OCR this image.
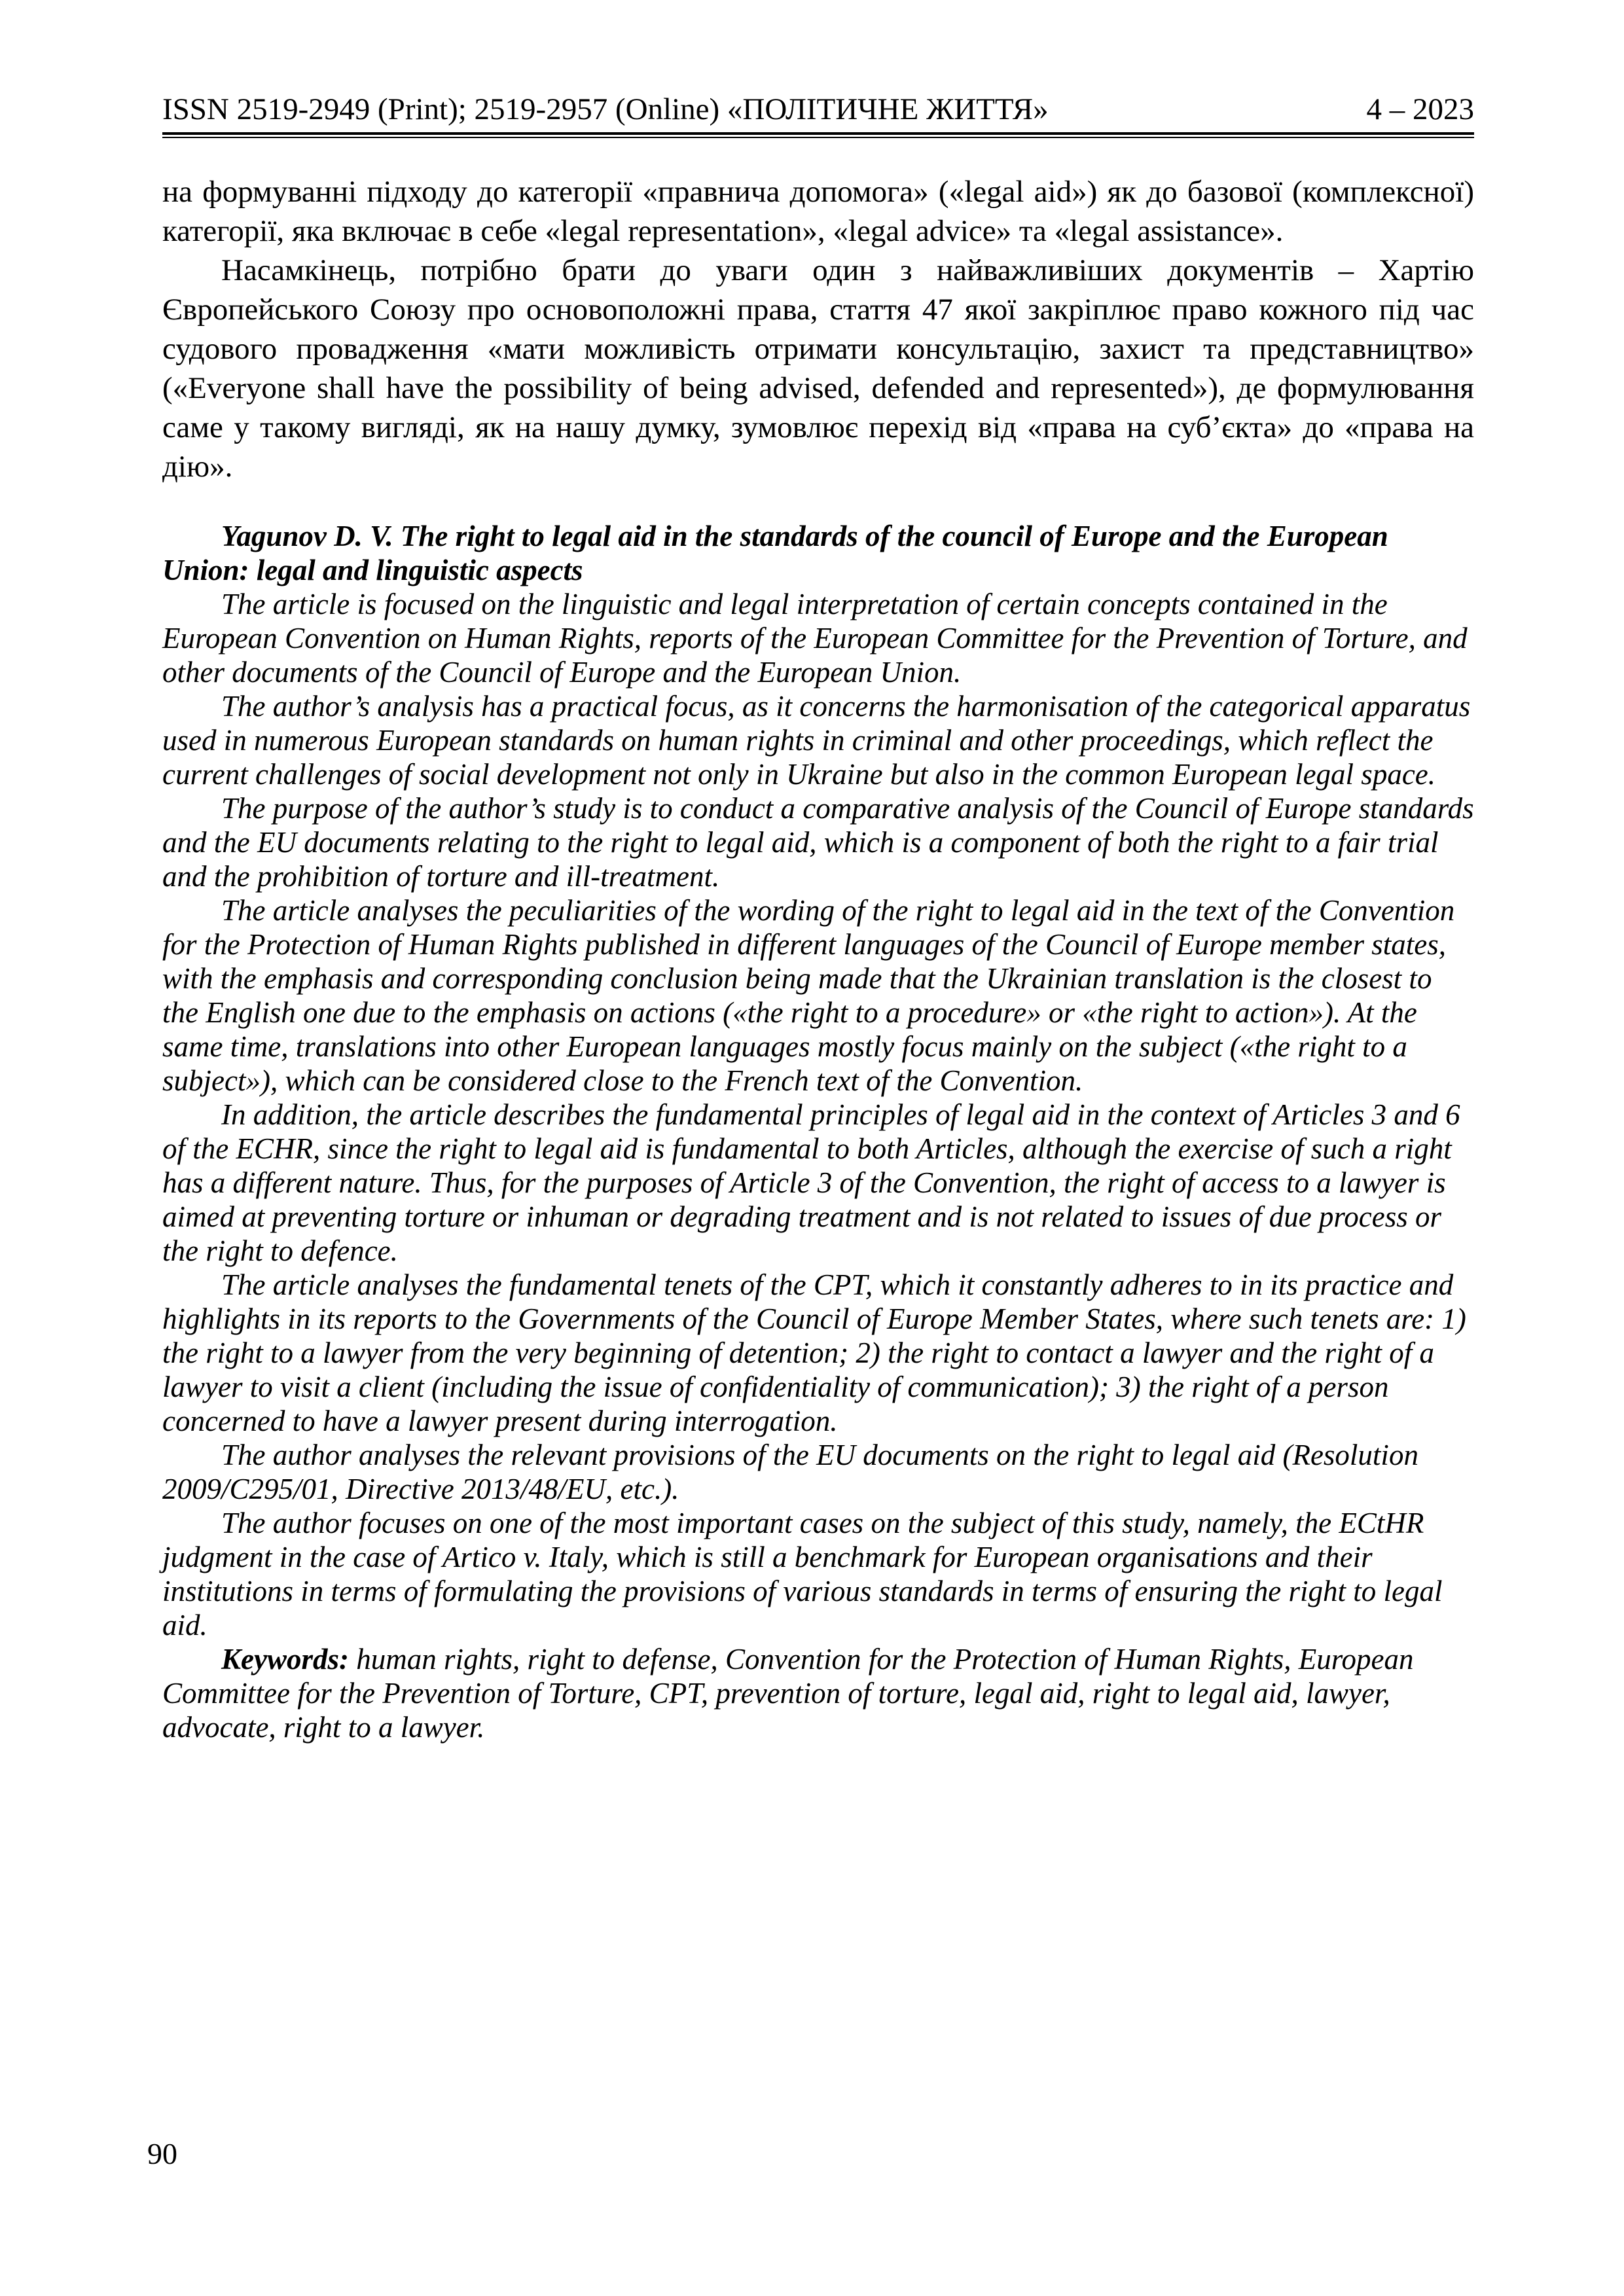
ISSN 2519-2949 (Print); 2519-2957 (Online) «ПОЛІТИЧНЕ ЖИТТЯ»	4 – 2023

на формуванні підходу до категорії «правнича допомога» («legal aid») як до базової (комплексної) категорії, яка включає в себе «legal representation», «legal advice» та «legal assistance».

Насамкінець, потрібно брати до уваги один з найважливіших документів – Хартію Європейського Союзу про основоположні права, стаття 47 якої закріплює право кожного під час судового провадження «мати можливість отримати консультацію, захист та представництво» («Everyone shall have the possibility of being advised, defended and represented»), де формулювання саме у такому вигляді, як на нашу думку, зумовлює перехід від «права на суб’єкта» до «права на дію».

Yagunov D. V. The right to legal aid in the standards of the council of Europe and the European Union: legal and linguistic aspects

The article is focused on the linguistic and legal interpretation of certain concepts contained in the European Convention on Human Rights, reports of the European Committee for the Prevention of Torture, and other documents of the Council of Europe and the European Union.

The author’s analysis has a practical focus, as it concerns the harmonisation of the categorical apparatus used in numerous European standards on human rights in criminal and other proceedings, which reflect the current challenges of social development not only in Ukraine but also in the common European legal space.

The purpose of the author’s study is to conduct a comparative analysis of the Council of Europe standards and the EU documents relating to the right to legal aid, which is a component of both the right to a fair trial and the prohibition of torture and ill-treatment.

The article analyses the peculiarities of the wording of the right to legal aid in the text of the Convention for the Protection of Human Rights published in different languages of the Council of Europe member states, with the emphasis and corresponding conclusion being made that the Ukrainian translation is the closest to the English one due to the emphasis on actions («the right to a procedure» or «the right to action»). At the same time, translations into other European languages mostly focus mainly on the subject («the right to a subject»), which can be considered close to the French text of the Convention.

In addition, the article describes the fundamental principles of legal aid in the context of Articles 3 and 6 of the ECHR, since the right to legal aid is fundamental to both Articles, although the exercise of such a right has a different nature. Thus, for the purposes of Article 3 of the Convention, the right of access to a lawyer is aimed at preventing torture or inhuman or degrading treatment and is not related to issues of due process or the right to defence.

The article analyses the fundamental tenets of the CPT, which it constantly adheres to in its practice and highlights in its reports to the Governments of the Council of Europe Member States, where such tenets are: 1) the right to a lawyer from the very beginning of detention; 2) the right to contact a lawyer and the right of a lawyer to visit a client (including the issue of confidentiality of communication); 3) the right of a person concerned to have a lawyer present during interrogation.

The author analyses the relevant provisions of the EU documents on the right to legal aid (Resolution 2009/C295/01, Directive 2013/48/EU, etc.).

The author focuses on one of the most important cases on the subject of this study, namely, the ECtHR judgment in the case of Artico v. Italy, which is still a benchmark for European organisations and their institutions in terms of formulating the provisions of various standards in terms of ensuring the right to legal aid.

Keywords: human rights, right to defense, Convention for the Protection of Human Rights, European Committee for the Prevention of Torture, CPT, prevention of torture, legal aid, right to legal aid, lawyer, advocate, right to a lawyer.

90
